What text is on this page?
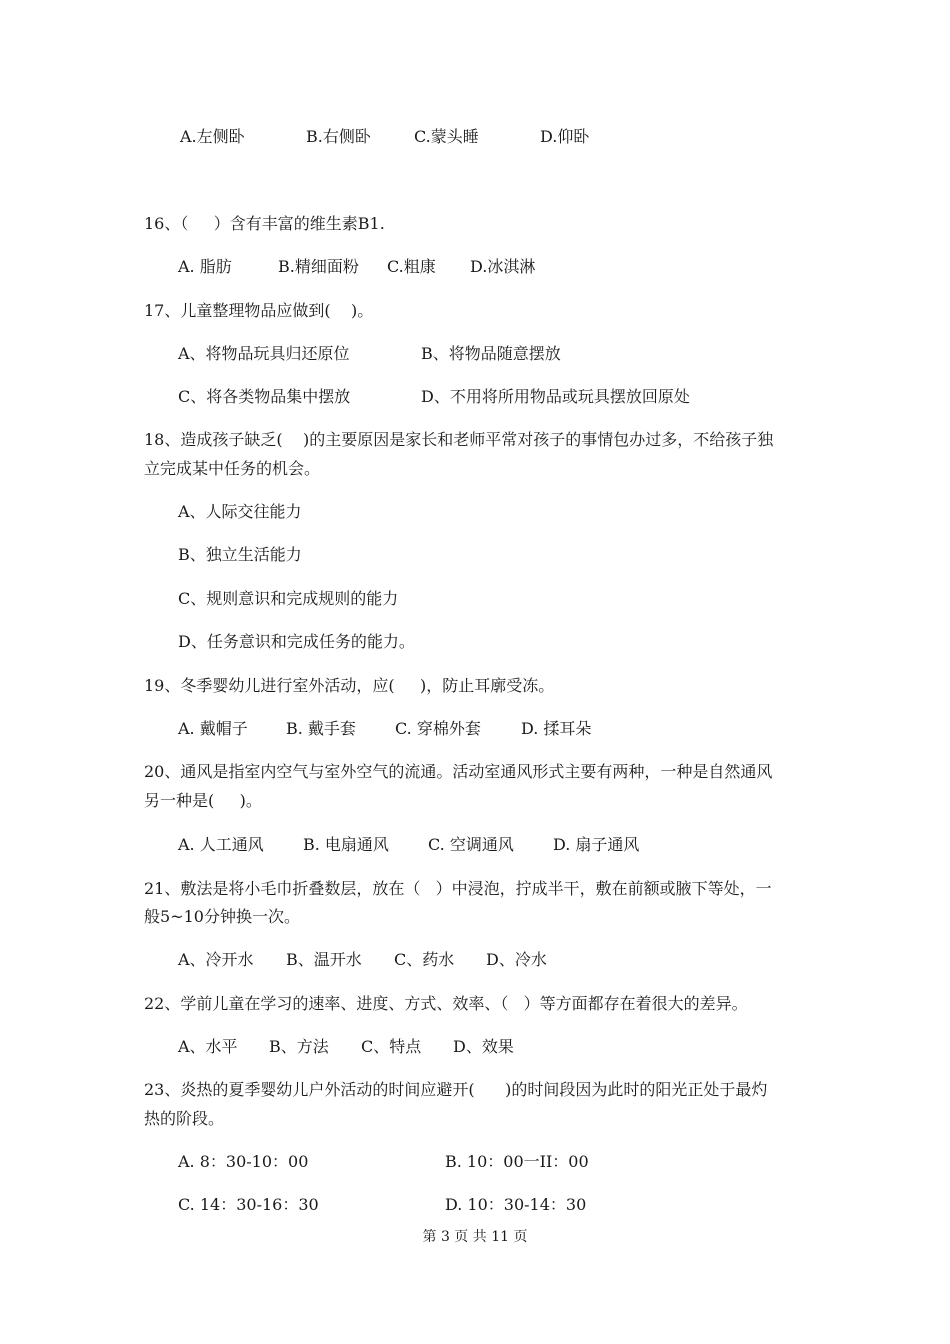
A.左侧卧	B.右侧卧	C.蒙头睡	D.仰卧

16、（     ）含有丰富的维生素B1.

A. 脂肪	B.精细面粉 C.粗康 D.冰淇淋

17、儿童整理物品应做到(    )。

A、将物品玩具归还原位	B、将物品随意摆放

C、将各类物品集中摆放	D、不用将所用物品或玩具摆放回原处

18、造成孩子缺乏(    )的主要原因是家长和老师平常对孩子的事情包办过多，不给孩子独

立完成某中任务的机会。

A、人际交往能力

B、独立生活能力

C、规则意识和完成规则的能力

D、任务意识和完成任务的能力。

19、冬季婴幼儿进行室外活动，应(     )，防止耳廓受冻。

A. 戴帽子 B. 戴手套 C. 穿棉外套	D. 揉耳朵

20、通风是指室内空气与室外空气的流通。活动室通风形式主要有两种，一种是自然通风

另一种是(     )。

A. 人工通风 B. 电扇通风 C. 空调通风 D. 扇子通风

21、敷法是将小毛巾折叠数层，放在（   ）中浸泡，拧成半干，敷在前额或腋下等处，一

般5~10分钟换一次。

A、冷开水 B、温开水 C、药水 D、冷水

22、学前儿童在学习的速率、进度、方式、效率、（   ）等方面都存在着很大的差异。

A、水平 B、方法 C、特点 D、效果

23、炎热的夏季婴幼儿户外活动的时间应避开(      )的时间段因为此时的阳光正处于最灼

热的阶段。

A. 8：30-10：00	B. 10：00一II：00

C. 14：30-16：30	D. 10：30-14：30

第 3 页 共 11 页
